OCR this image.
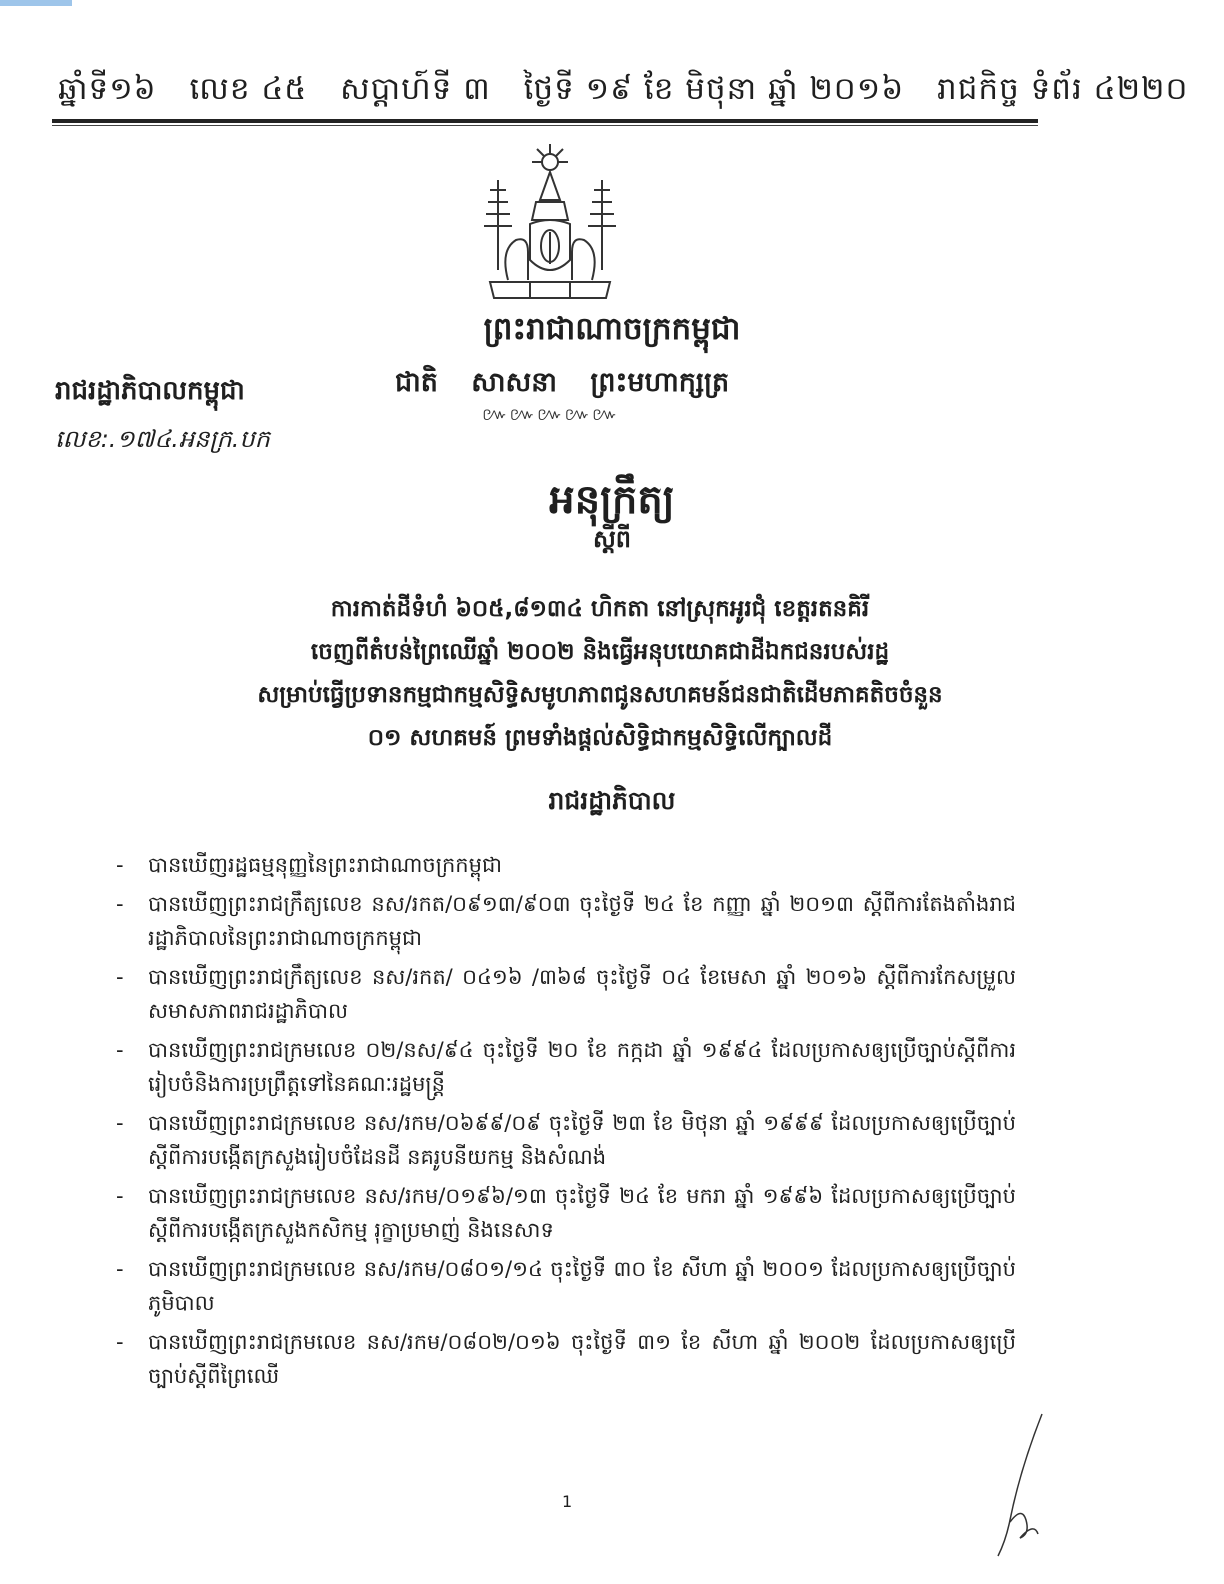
ឆ្នាំទី១៦ លេខ ៤៥ សប្តាហ៍ទី ៣ ថ្ងៃទី ១៩ ខែ មិថុនា ឆ្នាំ ២០១៦ រាជកិច្ច ទំព័រ ៤២២០
ព្រះរាជាណាចក្រកម្ពុជា
ជាតិ សាសនា ព្រះមហាក្សត្រ
៚៚៚៚៚
រាជរដ្ឋាភិបាលកម្ពុជា
លេខ:.១៧៤.អនក្រ.បក
អនុក្រឹត្យ
ស្តីពី
ការកាត់ដីទំហំ ៦០៥,៨១៣៤ ហិកតា នៅស្រុកអូរជុំ ខេត្តរតនគិរី
ចេញពីតំបន់ព្រៃឈើឆ្នាំ ២០០២ និងធ្វើអនុបយោគជាដីឯកជនរបស់រដ្ឋ
សម្រាប់ធ្វើប្រទានកម្មជាកម្មសិទ្ធិសមូហភាពជូនសហគមន៍ជនជាតិដើមភាគតិចចំនួន
០១ សហគមន៍ ព្រមទាំងផ្តល់សិទ្ធិជាកម្មសិទ្ធិលើក្បាលដី
រាជរដ្ឋាភិបាល
- បានឃើញរដ្ឋធម្មនុញ្ញនៃព្រះរាជាណាចក្រកម្ពុជា
- បានឃើញព្រះរាជក្រឹត្យលេខ នស/រកត/០៩១៣/៩០៣ ចុះថ្ងៃទី ២៤ ខែ កញ្ញា ឆ្នាំ ២០១៣ ស្តីពីការតែងតាំងរាជរដ្ឋាភិបាលនៃព្រះរាជាណាចក្រកម្ពុជា
- បានឃើញព្រះរាជក្រឹត្យលេខ នស/រកត/ ០៤១៦ /៣៦៨ ចុះថ្ងៃទី ០៤ ខែមេសា ឆ្នាំ ២០១៦ ស្តីពីការកែសម្រួលសមាសភាពរាជរដ្ឋាភិបាល
- បានឃើញព្រះរាជក្រមលេខ ០២/នស/៩៤ ចុះថ្ងៃទី ២០ ខែ កក្កដា ឆ្នាំ ១៩៩៤ ដែលប្រកាសឲ្យប្រើច្បាប់ស្តីពីការរៀបចំនិងការប្រព្រឹត្តទៅនៃគណៈរដ្ឋមន្ត្រី
- បានឃើញព្រះរាជក្រមលេខ នស/រកម/០៦៩៩/០៩ ចុះថ្ងៃទី ២៣ ខែ មិថុនា ឆ្នាំ ១៩៩៩ ដែលប្រកាសឲ្យប្រើច្បាប់ស្តីពីការបង្កើតក្រសួងរៀបចំដែនដី នគរូបនីយកម្ម និងសំណង់
- បានឃើញព្រះរាជក្រមលេខ នស/រកម/០១៩៦/១៣ ចុះថ្ងៃទី ២៤ ខែ មករា ឆ្នាំ ១៩៩៦ ដែលប្រកាសឲ្យប្រើច្បាប់ ស្តីពីការបង្កើតក្រសួងកសិកម្ម រុក្ខាប្រមាញ់ និងនេសាទ
- បានឃើញព្រះរាជក្រមលេខ នស/រកម/០៨០១/១៤ ចុះថ្ងៃទី ៣០ ខែ សីហា ឆ្នាំ ២០០១ ដែលប្រកាសឲ្យប្រើច្បាប់ភូមិបាល
- បានឃើញព្រះរាជក្រមលេខ នស/រកម/០៨០២/០១៦ ចុះថ្ងៃទី ៣១ ខែ សីហា ឆ្នាំ ២០០២ ដែលប្រកាសឲ្យប្រើច្បាប់ស្តីពីព្រៃឈើ
1
